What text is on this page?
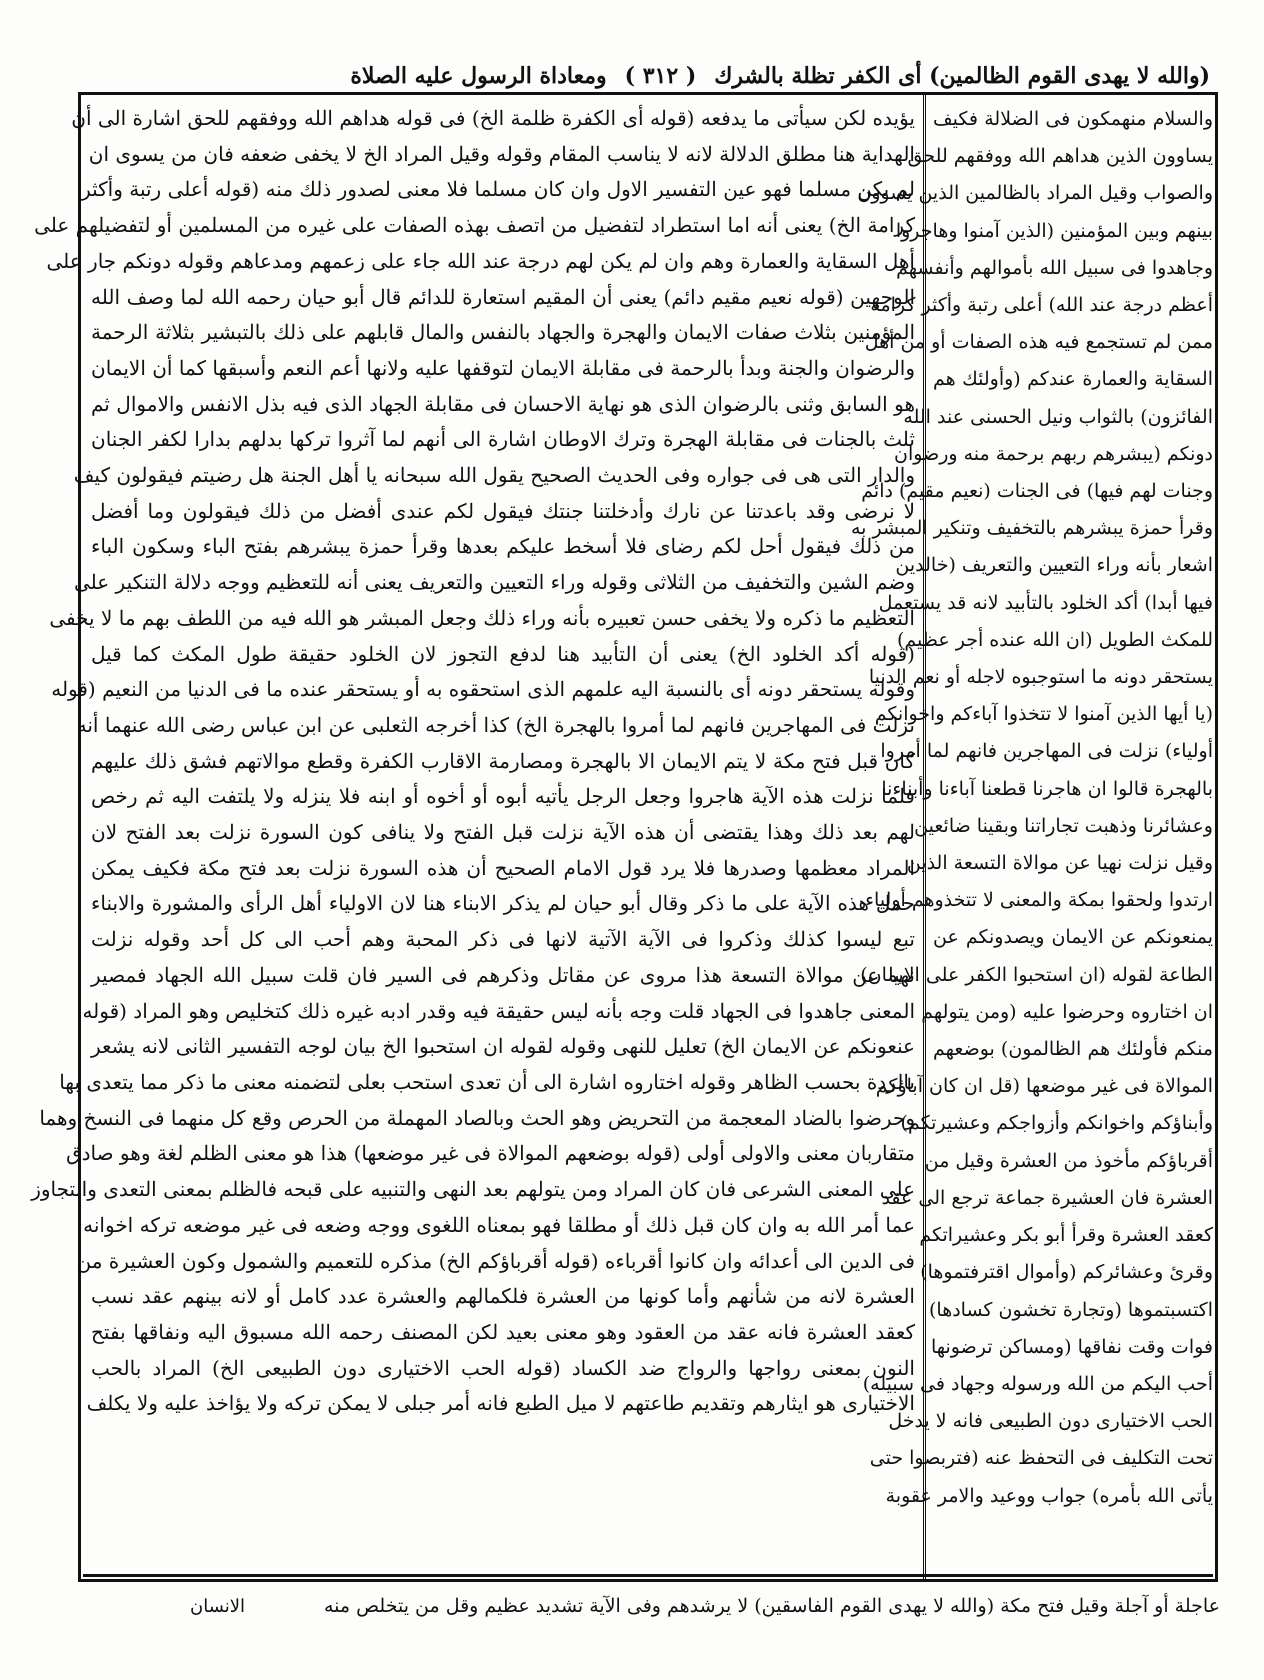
(والله لا يهدى القوم الظالمين) أى الكفر تظلة بالشرك
( ٣١٢ )
ومعاداة الرسول عليه الصلاة
يؤيده لكن سيأتى ما يدفعه (قوله أى الكفرة ظلمة الخ) فى قوله هداهم الله ووفقهم للحق اشارة الى أن
الهداية هنا مطلق الدلالة لانه لا يناسب المقام وقوله وقيل المراد الخ لا يخفى ضعفه فان من يسوى ان
لم يكن مسلما فهو عين التفسير الاول وان كان مسلما فلا معنى لصدور ذلك منه (قوله أعلى رتبة وأكثر
كرامة الخ) يعنى أنه اما استطراد لتفضيل من اتصف بهذه الصفات على غيره من المسلمين أو لتفضيلهم على
أهل السقاية والعمارة وهم وان لم يكن لهم درجة عند الله جاء على زعمهم ومدعاهم وقوله دونكم جار على
الوجهين (قوله نعيم مقيم دائم) يعنى أن المقيم استعارة للدائم قال أبو حيان رحمه الله لما وصف الله
المؤمنين بثلاث صفات الايمان والهجرة والجهاد بالنفس والمال قابلهم على ذلك بالتبشير بثلاثة الرحمة
والرضوان والجنة وبدأ بالرحمة فى مقابلة الايمان لتوقفها عليه ولانها أعم النعم وأسبقها كما أن الايمان
هو السابق وثنى بالرضوان الذى هو نهاية الاحسان فى مقابلة الجهاد الذى فيه بذل الانفس والاموال ثم
ثلث بالجنات فى مقابلة الهجرة وترك الاوطان اشارة الى أنهم لما آثروا تركها بدلهم بدارا لكفر الجنان
والدار التى هى فى جواره وفى الحديث الصحيح يقول الله سبحانه يا أهل الجنة هل رضيتم فيقولون كيف
لا نرضى وقد باعدتنا عن نارك وأدخلتنا جنتك فيقول لكم عندى أفضل من ذلك فيقولون وما أفضل
من ذلك فيقول أحل لكم رضاى فلا أسخط عليكم بعدها وقرأ حمزة يبشرهم بفتح الباء وسكون الباء
وضم الشين والتخفيف من الثلاثى وقوله وراء التعيين والتعريف يعنى أنه للتعظيم ووجه دلالة التنكير على
التعظيم ما ذكره ولا يخفى حسن تعبيره بأنه وراء ذلك وجعل المبشر هو الله فيه من اللطف بهم ما لا يخفى
(قوله أكد الخلود الخ) يعنى أن التأبيد هنا لدفع التجوز لان الخلود حقيقة طول المكث كما قيل
وقوله يستحقر دونه أى بالنسبة اليه علمهم الذى استحقوه به أو يستحقر عنده ما فى الدنيا من النعيم (قوله
نزلت فى المهاجرين فانهم لما أمروا بالهجرة الخ) كذا أخرجه الثعلبى عن ابن عباس رضى الله عنهما أنه
كان قبل فتح مكة لا يتم الايمان الا بالهجرة ومصارمة الاقارب الكفرة وقطع موالاتهم فشق ذلك عليهم
فلما نزلت هذه الآية هاجروا وجعل الرجل يأتيه أبوه أو أخوه أو ابنه فلا ينزله ولا يلتفت اليه ثم رخص
لهم بعد ذلك وهذا يقتضى أن هذه الآية نزلت قبل الفتح ولا ينافى كون السورة نزلت بعد الفتح لان
المراد معظمها وصدرها فلا يرد قول الامام الصحيح أن هذه السورة نزلت بعد فتح مكة فكيف يمكن
حمل هذه الآية على ما ذكر وقال أبو حيان لم يذكر الابناء هنا لان الاولياء أهل الرأى والمشورة والابناء
تبع ليسوا كذلك وذكروا فى الآية الآتية لانها فى ذكر المحبة وهم أحب الى كل أحد وقوله نزلت
نهيا عن موالاة التسعة هذا مروى عن مقاتل وذكرهم فى السير فان قلت سبيل الله الجهاد فمصير
المعنى جاهدوا فى الجهاد قلت وجه بأنه ليس حقيقة فيه وقدر ادبه غيره ذلك كتخليص وهو المراد (قوله
عنعونكم عن الايمان الخ) تعليل للنهى وقوله لقوله ان استحبوا الخ بيان لوجه التفسير الثانى لانه يشعر
بالردة بحسب الظاهر وقوله اختاروه اشارة الى أن تعدى استحب بعلى لتضمنه معنى ما ذكر مما يتعدى بها
وحرضوا بالضاد المعجمة من التحريض وهو الحث وبالصاد المهملة من الحرص وقع كل منهما فى النسخ وهما
متقاربان معنى والاولى أولى (قوله بوضعهم الموالاة فى غير موضعها) هذا هو معنى الظلم لغة وهو صادق
على المعنى الشرعى فان كان المراد ومن يتولهم بعد النهى والتنبيه على قبحه فالظلم بمعنى التعدى والتجاوز
عما أمر الله به وان كان قبل ذلك أو مطلقا فهو بمعناه اللغوى ووجه وضعه فى غير موضعه تركه اخوانه
فى الدين الى أعدائه وان كانوا أقرباءه (قوله أقرباؤكم الخ) مذكره للتعميم والشمول وكون العشيرة من
العشرة لانه من شأنهم وأما كونها من العشرة فلكمالهم والعشرة عدد كامل أو لانه بينهم عقد نسب
كعقد العشرة فانه عقد من العقود وهو معنى بعيد لكن المصنف رحمه الله مسبوق اليه ونفاقها بفتح
النون بمعنى رواجها والرواج ضد الكساد (قوله الحب الاختيارى دون الطبيعى الخ) المراد بالحب
الاختيارى هو ايثارهم وتقديم طاعتهم لا ميل الطبع فانه أمر جبلى لا يمكن تركه ولا يؤاخذ عليه ولا يكلف
والسلام منهمكون فى الضلالة فكيف
يساوون الذين هداهم الله ووفقهم للحق
والصواب وقيل المراد بالظالمين الذين يسوون
بينهم وبين المؤمنين (الذين آمنوا وهاجروا
وجاهدوا فى سبيل الله بأموالهم وأنفسهم
أعظم درجة عند الله) أعلى رتبة وأكثر كرامة
ممن لم تستجمع فيه هذه الصفات أو من أهل
السقاية والعمارة عندكم (وأولئك هم
الفائزون) بالثواب ونيل الحسنى عند الله
دونكم (يبشرهم ربهم برحمة منه ورضوان
وجنات لهم فيها) فى الجنات (نعيم مقيم) دائم
وقرأ حمزة يبشرهم بالتخفيف وتنكير المبشر به
اشعار بأنه وراء التعيين والتعريف (خالدين
فيها أبدا) أكد الخلود بالتأبيد لانه قد يستعمل
للمكث الطويل (ان الله عنده أجر عظيم)
يستحقر دونه ما استوجبوه لاجله أو نعم الدنيا
(يا أيها الذين آمنوا لا تتخذوا آباءكم واخوانكم
أولياء) نزلت فى المهاجرين فانهم لما أمروا
بالهجرة قالوا ان هاجرنا قطعنا آباءنا وأبناءنا
وعشائرنا وذهبت تجاراتنا وبقينا ضائعين
وقيل نزلت نهيا عن موالاة التسعة الذين
ارتدوا ولحقوا بمكة والمعنى لا تتخذوهم أولياء
يمنعونكم عن الايمان ويصدونكم عن
الطاعة لقوله (ان استحبوا الكفر على الايمان)
ان اختاروه وحرضوا عليه (ومن يتولهم
منكم فأولئك هم الظالمون) بوضعهم
الموالاة فى غير موضعها (قل ان كان آباؤكم
وأبناؤكم واخوانكم وأزواجكم وعشيرتكم)
أقرباؤكم مأخوذ من العشرة وقيل من
العشرة فان العشيرة جماعة ترجع الى عقد
كعقد العشرة وقرأ أبو بكر وعشيراتكم
وقرئ وعشائركم (وأموال اقترفتموها)
اكتسبتموها (وتجارة تخشون كسادها)
فوات وقت نفاقها (ومساكن ترضونها
أحب اليكم من الله ورسوله وجهاد فى سبيله)
الحب الاختيارى دون الطبيعى فانه لا يدخل
تحت التكليف فى التحفظ عنه (فتربصوا حتى
يأتى الله بأمره) جواب ووعيد والامر عقوبة
عاجلة أو آجلة وقيل فتح مكة (والله لا يهدى القوم الفاسقين) لا يرشدهم وفى الآية تشديد عظيم وقل من يتخلص منه
الانسان
